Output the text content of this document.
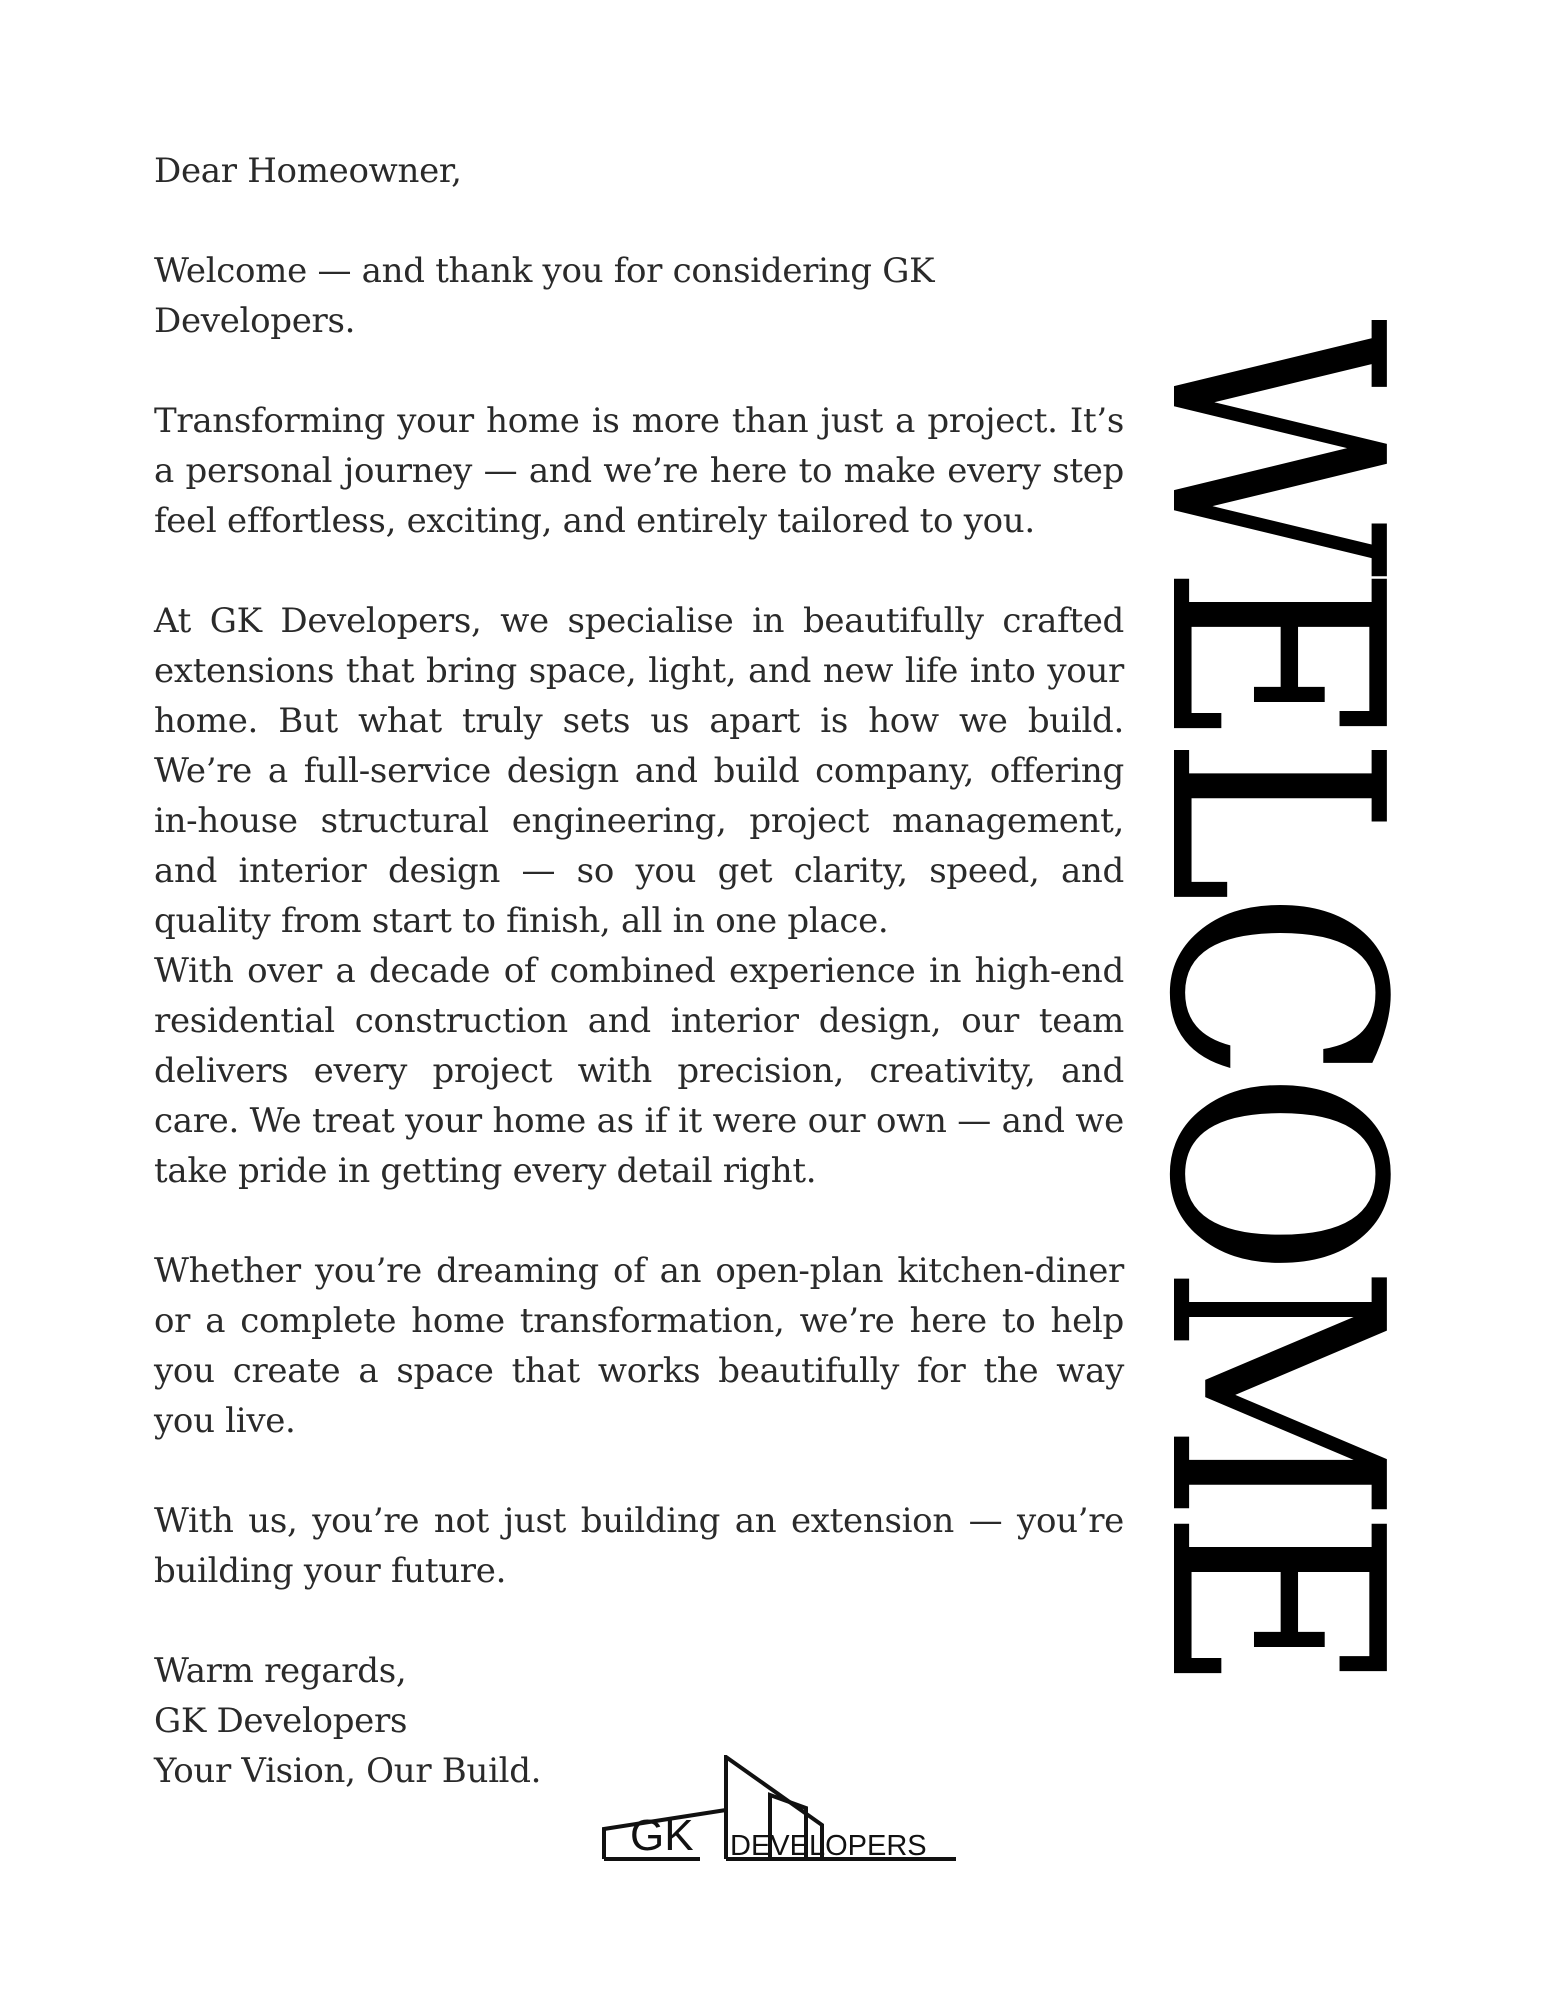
Dear Homeowner,

Welcome — and thank you for considering GK Developers.

Transforming your home is more than just a project. It’s a personal journey — and we’re here to make every step feel effortless, exciting, and entirely tailored to you.

At GK Developers, we specialise in beautifully crafted extensions that bring space, light, and new life into your home. But what truly sets us apart is how we build. We’re a full-service design and build company, offering in-house structural engineering, project management, and interior design — so you get clarity, speed, and quality from start to finish, all in one place.

With over a decade of combined experience in high-end residential construction and interior design, our team delivers every project with precision, creativity, and care. We treat your home as if it were our own — and we take pride in getting every detail right.

Whether you’re dreaming of an open-plan kitchen-diner or a complete home transformation, we’re here to help you create a space that works beautifully for the way you live.

With us, you’re not just building an extension — you’re building your future.

Warm regards,

GK Developers

Your Vision, Our Build.

WELCOME
GK DEVELOPERS
